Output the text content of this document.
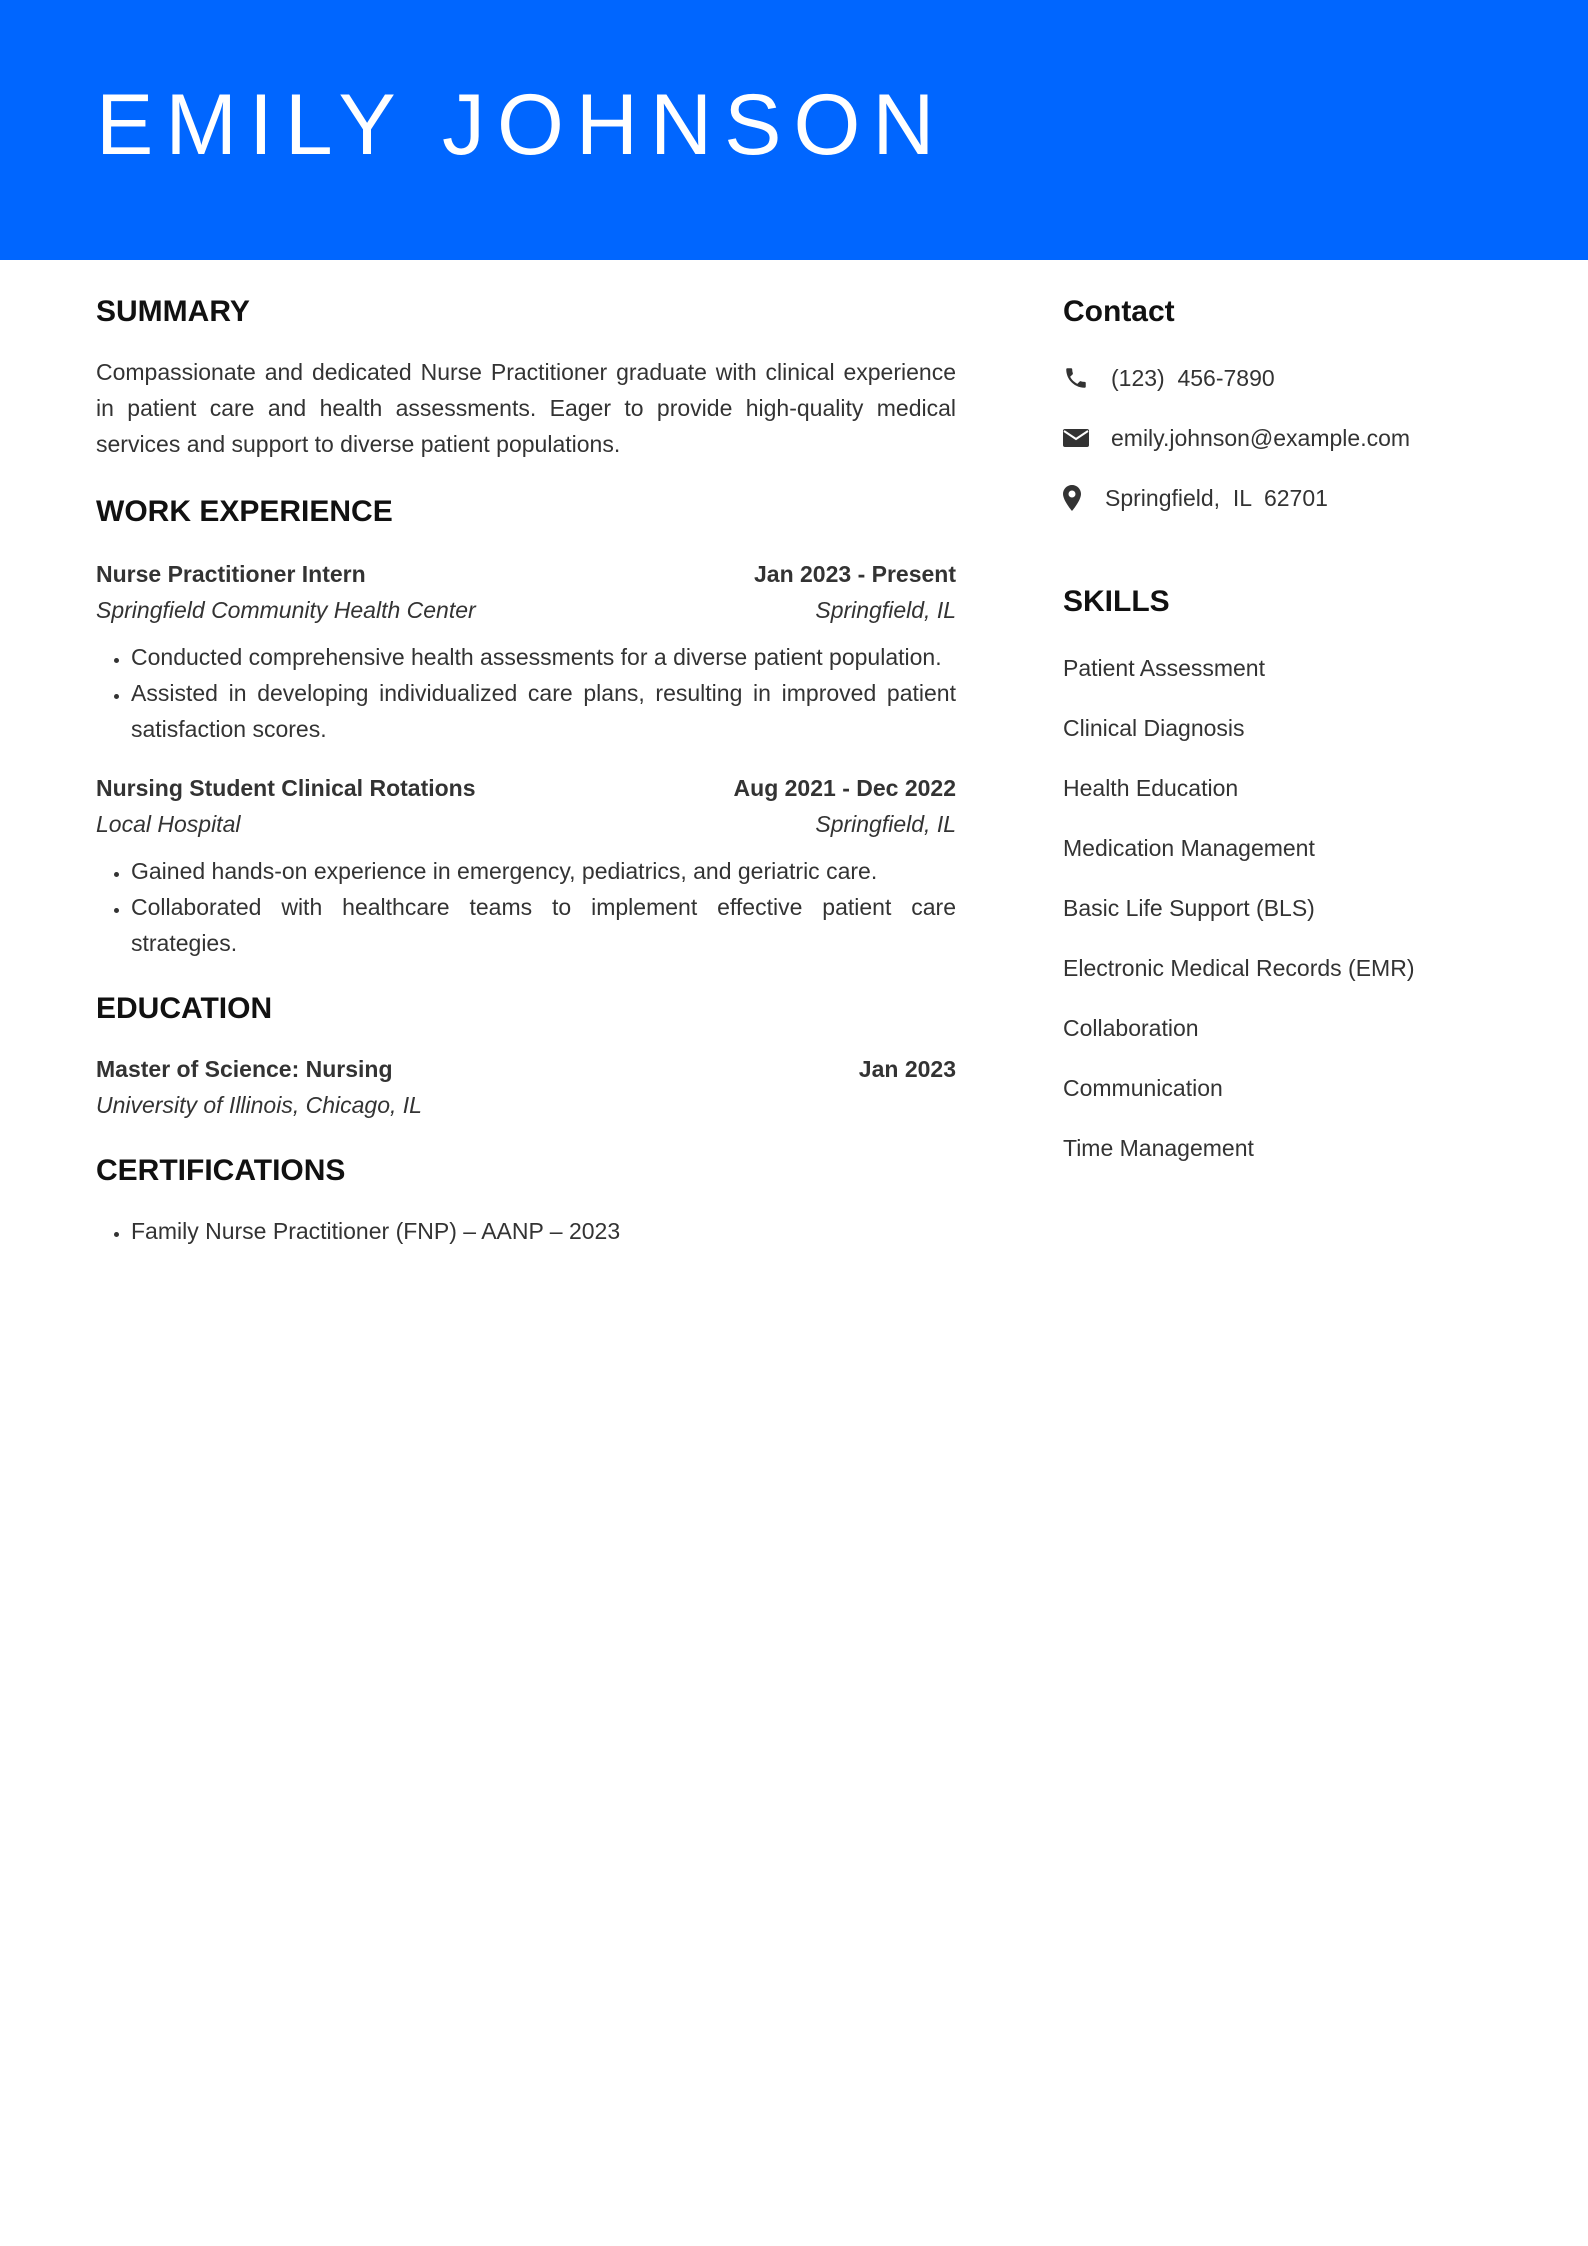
EMILY JOHNSON
SUMMARY

Compassionate and dedicated Nurse Practitioner graduate with clinical experience in patient care and health assessments. Eager to provide high-quality medical services and support to diverse patient populations.

WORK EXPERIENCE
Nurse Practitioner Intern	Jan 2023 - Present
Springfield Community Health Center	Springfield, IL
• Conducted comprehensive health assessments for a diverse patient population.
• Assisted in developing individualized care plans, resulting in improved patient satisfaction scores.
Nursing Student Clinical Rotations	Aug 2021 - Dec 2022
Local Hospital	Springfield, IL
• Gained hands-on experience in emergency, pediatrics, and geriatric care.
• Collaborated with healthcare teams to implement effective patient care strategies.
EDUCATION
Master of Science: Nursing	Jan 2023
University of Illinois, Chicago, IL
CERTIFICATIONS
• Family Nurse Practitioner (FNP) – AANP – 2023
Contact
(123)  456-7890
emily.johnson@example.com
Springfield,  IL  62701
SKILLS
Patient Assessment
Clinical Diagnosis
Health Education
Medication Management
Basic Life Support (BLS)
Electronic Medical Records (EMR)
Collaboration
Communication
Time Management
